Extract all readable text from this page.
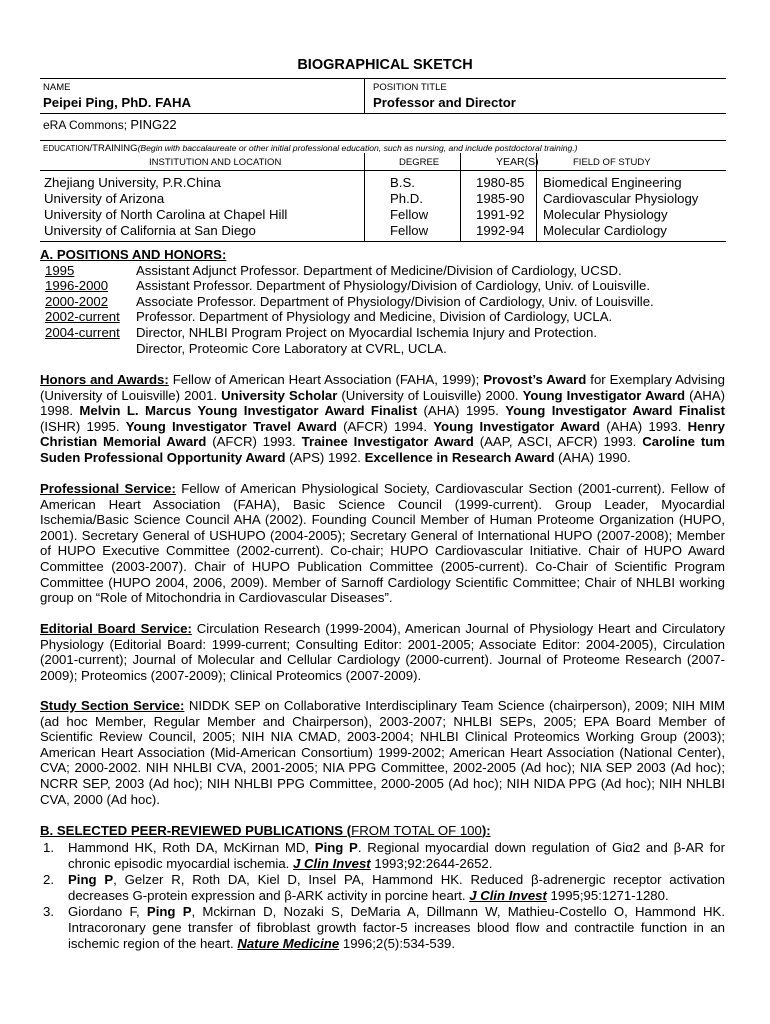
BIOGRAPHICAL SKETCH
NAME
Peipei Ping, PhD. FAHA
POSITION TITLE
Professor and Director
eRA Commons; PING22
EDUCATION/TRAINING(Begin with baccalaureate or other initial professional education, such as nursing, and include postdoctoral training.)
INSTITUTION AND LOCATION	DEGREE	YEAR(S)	FIELD OF STUDY
Zhejiang University, P.R.China	B.S.	1980-85 Biomedical Engineering
University of Arizona	Ph.D.	1985-90 Cardiovascular Physiology
University of North Carolina at Chapel Hill	Fellow	1991-92 Molecular Physiology
University of California at San Diego	Fellow	1992-94 Molecular Cardiology
A. POSITIONS AND HONORS:
1995	Assistant Adjunct Professor. Department of Medicine/Division of Cardiology, UCSD.
1996-2000 Assistant Professor. Department of Physiology/Division of Cardiology, Univ. of Louisville.
2000-2002 Associate Professor. Department of Physiology/Division of Cardiology, Univ. of Louisville.
2002-current Professor. Department of Physiology and Medicine, Division of Cardiology, UCLA.
2004-current Director, NHLBI Program Project on Myocardial Ischemia Injury and Protection.
Director, Proteomic Core Laboratory at CVRL, UCLA.
Honors and Awards: Fellow of American Heart Association (FAHA, 1999); Provost’s Award for Exemplary Advising (University of Louisville) 2001. University Scholar (University of Louisville) 2000. Young Investigator Award (AHA) 1998. Melvin L. Marcus Young Investigator Award Finalist (AHA) 1995. Young Investigator Award Finalist (ISHR) 1995. Young Investigator Travel Award (AFCR) 1994. Young Investigator Award (AHA) 1993. Henry Christian Memorial Award (AFCR) 1993. Trainee Investigator Award (AAP, ASCI, AFCR) 1993. Caroline tum Suden Professional Opportunity Award (APS) 1992. Excellence in Research Award (AHA) 1990.
Professional Service: Fellow of American Physiological Society, Cardiovascular Section (2001-current). Fellow of American Heart Association (FAHA), Basic Science Council (1999-current). Group Leader, Myocardial Ischemia/Basic Science Council AHA (2002). Founding Council Member of Human Proteome Organization (HUPO, 2001). Secretary General of USHUPO (2004-2005); Secretary General of International HUPO (2007-2008); Member of HUPO Executive Committee (2002-current). Co-chair; HUPO Cardiovascular Initiative. Chair of HUPO Award Committee (2003-2007). Chair of HUPO Publication Committee (2005-current). Co-Chair of Scientific Program Committee (HUPO 2004, 2006, 2009). Member of Sarnoff Cardiology Scientific Committee; Chair of NHLBI working group on “Role of Mitochondria in Cardiovascular Diseases”.
Editorial Board Service: Circulation Research (1999-2004), American Journal of Physiology Heart and Circulatory Physiology (Editorial Board: 1999-current; Consulting Editor: 2001-2005; Associate Editor: 2004-2005), Circulation (2001-current); Journal of Molecular and Cellular Cardiology (2000-current). Journal of Proteome Research (2007-2009); Proteomics (2007-2009); Clinical Proteomics (2007-2009).
Study Section Service: NIDDK SEP on Collaborative Interdisciplinary Team Science (chairperson), 2009; NIH MIM (ad hoc Member, Regular Member and Chairperson), 2003-2007; NHLBI SEPs, 2005; EPA Board Member of Scientific Review Council, 2005; NIH NIA CMAD, 2003-2004; NHLBI Clinical Proteomics Working Group (2003); American Heart Association (Mid-American Consortium) 1999-2002; American Heart Association (National Center), CVA; 2000-2002. NIH NHLBI CVA, 2001-2005; NIA PPG Committee, 2002-2005 (Ad hoc); NIA SEP 2003 (Ad hoc); NCRR SEP, 2003 (Ad hoc); NIH NHLBI PPG Committee, 2000-2005 (Ad hoc); NIH NIDA PPG (Ad hoc); NIH NHLBI CVA, 2000 (Ad hoc).
B. SELECTED PEER-REVIEWED PUBLICATIONS (FROM TOTAL OF 100):
1. Hammond HK, Roth DA, McKirnan MD, Ping P. Regional myocardial down regulation of Giα2 and β-AR for chronic episodic myocardial ischemia. J Clin Invest 1993;92:2644-2652.
2. Ping P, Gelzer R, Roth DA, Kiel D, Insel PA, Hammond HK. Reduced β-adrenergic receptor activation decreases G-protein expression and β-ARK activity in porcine heart. J Clin Invest 1995;95:1271-1280.
3. Giordano F, Ping P, Mckirnan D, Nozaki S, DeMaria A, Dillmann W, Mathieu-Costello O, Hammond HK. Intracoronary gene transfer of fibroblast growth factor-5 increases blood flow and contractile function in an ischemic region of the heart. Nature Medicine 1996;2(5):534-539.
